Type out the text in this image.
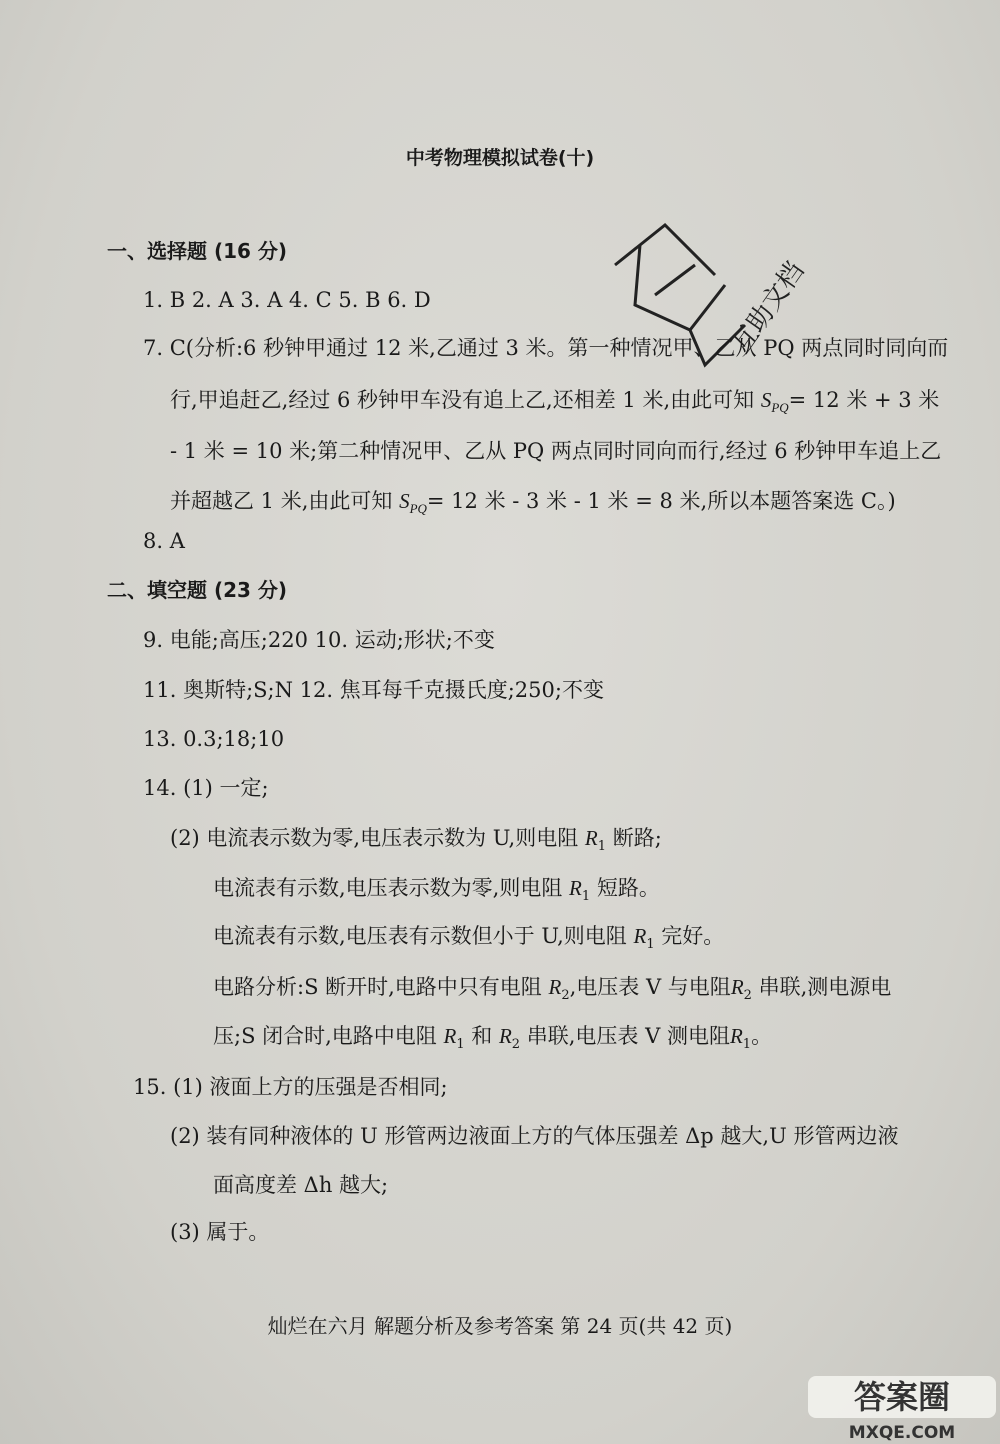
中考物理模拟试卷(十)
互助文档
一、选择题 (16 分)
1. B 2. A 3. A 4. C 5. B 6. D
7. C(分析:6 秒钟甲通过 12 米,乙通过 3 米。第一种情况甲、乙从 PQ 两点同时同向而
行,甲追赶乙,经过 6 秒钟甲车没有追上乙,还相差 1 米,由此可知 $S_{PQ}= 12$ 米 + 3 米
- 1 米 = 10 米;第二种情况甲、乙从 PQ 两点同时同向而行,经过 6 秒钟甲车追上乙
并超越乙 1 米,由此可知 $S_{PQ}= 12$ 米 - 3 米 - 1 米 = 8 米,所以本题答案选 C。)
8. A
二、填空题 (23 分)
9. 电能;高压;220 10. 运动;形状;不变
11. 奥斯特;S;N 12. 焦耳每千克摄氏度;250;不变
13. 0.3;18;10
14. (1) 一定;
(2) 电流表示数为零,电压表示数为 U,则电阻 $R_1$ 断路;
电流表有示数,电压表示数为零,则电阻 $R_1$ 短路。
电流表有示数,电压表有示数但小于 U,则电阻 $R_1$ 完好。
电路分析:S 断开时,电路中只有电阻 $R_2$,电压表 V 与电阻$R_2$ 串联,测电源电
压;S 闭合时,电路中电阻 $R_1$ 和 $R_2$ 串联,电压表 V 测电阻$R_1$。
15. (1) 液面上方的压强是否相同;
(2) 装有同种液体的 U 形管两边液面上方的气体压强差 Δp 越大,U 形管两边液
面高度差 Δh 越大;
(3) 属于。
灿烂在六月 解题分析及参考答案 第 24 页(共 42 页)
答案圈
MXQE.COM
